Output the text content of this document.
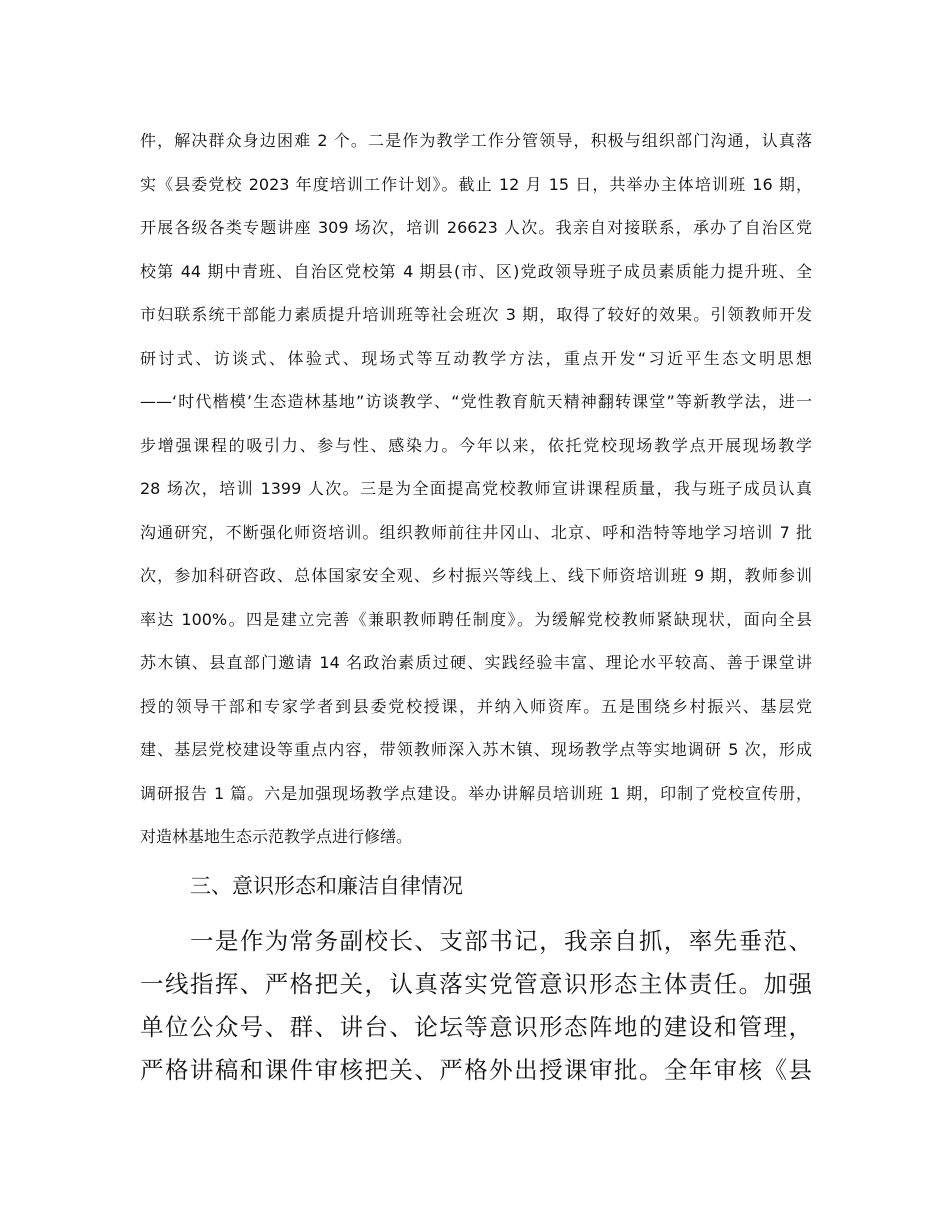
件，解决群众身边困难 2 个。二是作为教学工作分管领导，积极与组织部门沟通，认真落

实《县委党校 2023 年度培训工作计划》。截止 12 月 15 日，共举办主体培训班 16 期，

开展各级各类专题讲座 309 场次，培训 26623 人次。我亲自对接联系，承办了自治区党

校第 44 期中青班、自治区党校第 4 期县(市、区)党政领导班子成员素质能力提升班、全

市妇联系统干部能力素质提升培训班等社会班次 3 期，取得了较好的效果。引领教师开发

研讨式、访谈式、体验式、现场式等互动教学方法，重点开发“习近平生态文明思想

——‘时代楷模’生态造林基地”访谈教学、“党性教育航天精神翻转课堂”等新教学法，进一

步增强课程的吸引力、参与性、感染力。今年以来，依托党校现场教学点开展现场教学

28 场次，培训 1399 人次。三是为全面提高党校教师宣讲课程质量，我与班子成员认真

沟通研究，不断强化师资培训。组织教师前往井冈山、北京、呼和浩特等地学习培训 7 批

次，参加科研咨政、总体国家安全观、乡村振兴等线上、线下师资培训班 9 期，教师参训

率达 100%。四是建立完善《兼职教师聘任制度》。为缓解党校教师紧缺现状，面向全县

苏木镇、县直部门邀请 14 名政治素质过硬、实践经验丰富、理论水平较高、善于课堂讲

授的领导干部和专家学者到县委党校授课，并纳入师资库。五是围绕乡村振兴、基层党

建、基层党校建设等重点内容，带领教师深入苏木镇、现场教学点等实地调研 5 次，形成

调研报告 1 篇。六是加强现场教学点建设。举办讲解员培训班 1 期，印制了党校宣传册，

对造林基地生态示范教学点进行修缮。

三、意识形态和廉洁自律情况

一是作为常务副校长、支部书记，我亲自抓，率先垂范、

一线指挥、严格把关，认真落实党管意识形态主体责任。加强

单位公众号、群、讲台、论坛等意识形态阵地的建设和管理，

严格讲稿和课件审核把关、严格外出授课审批。全年审核《县
